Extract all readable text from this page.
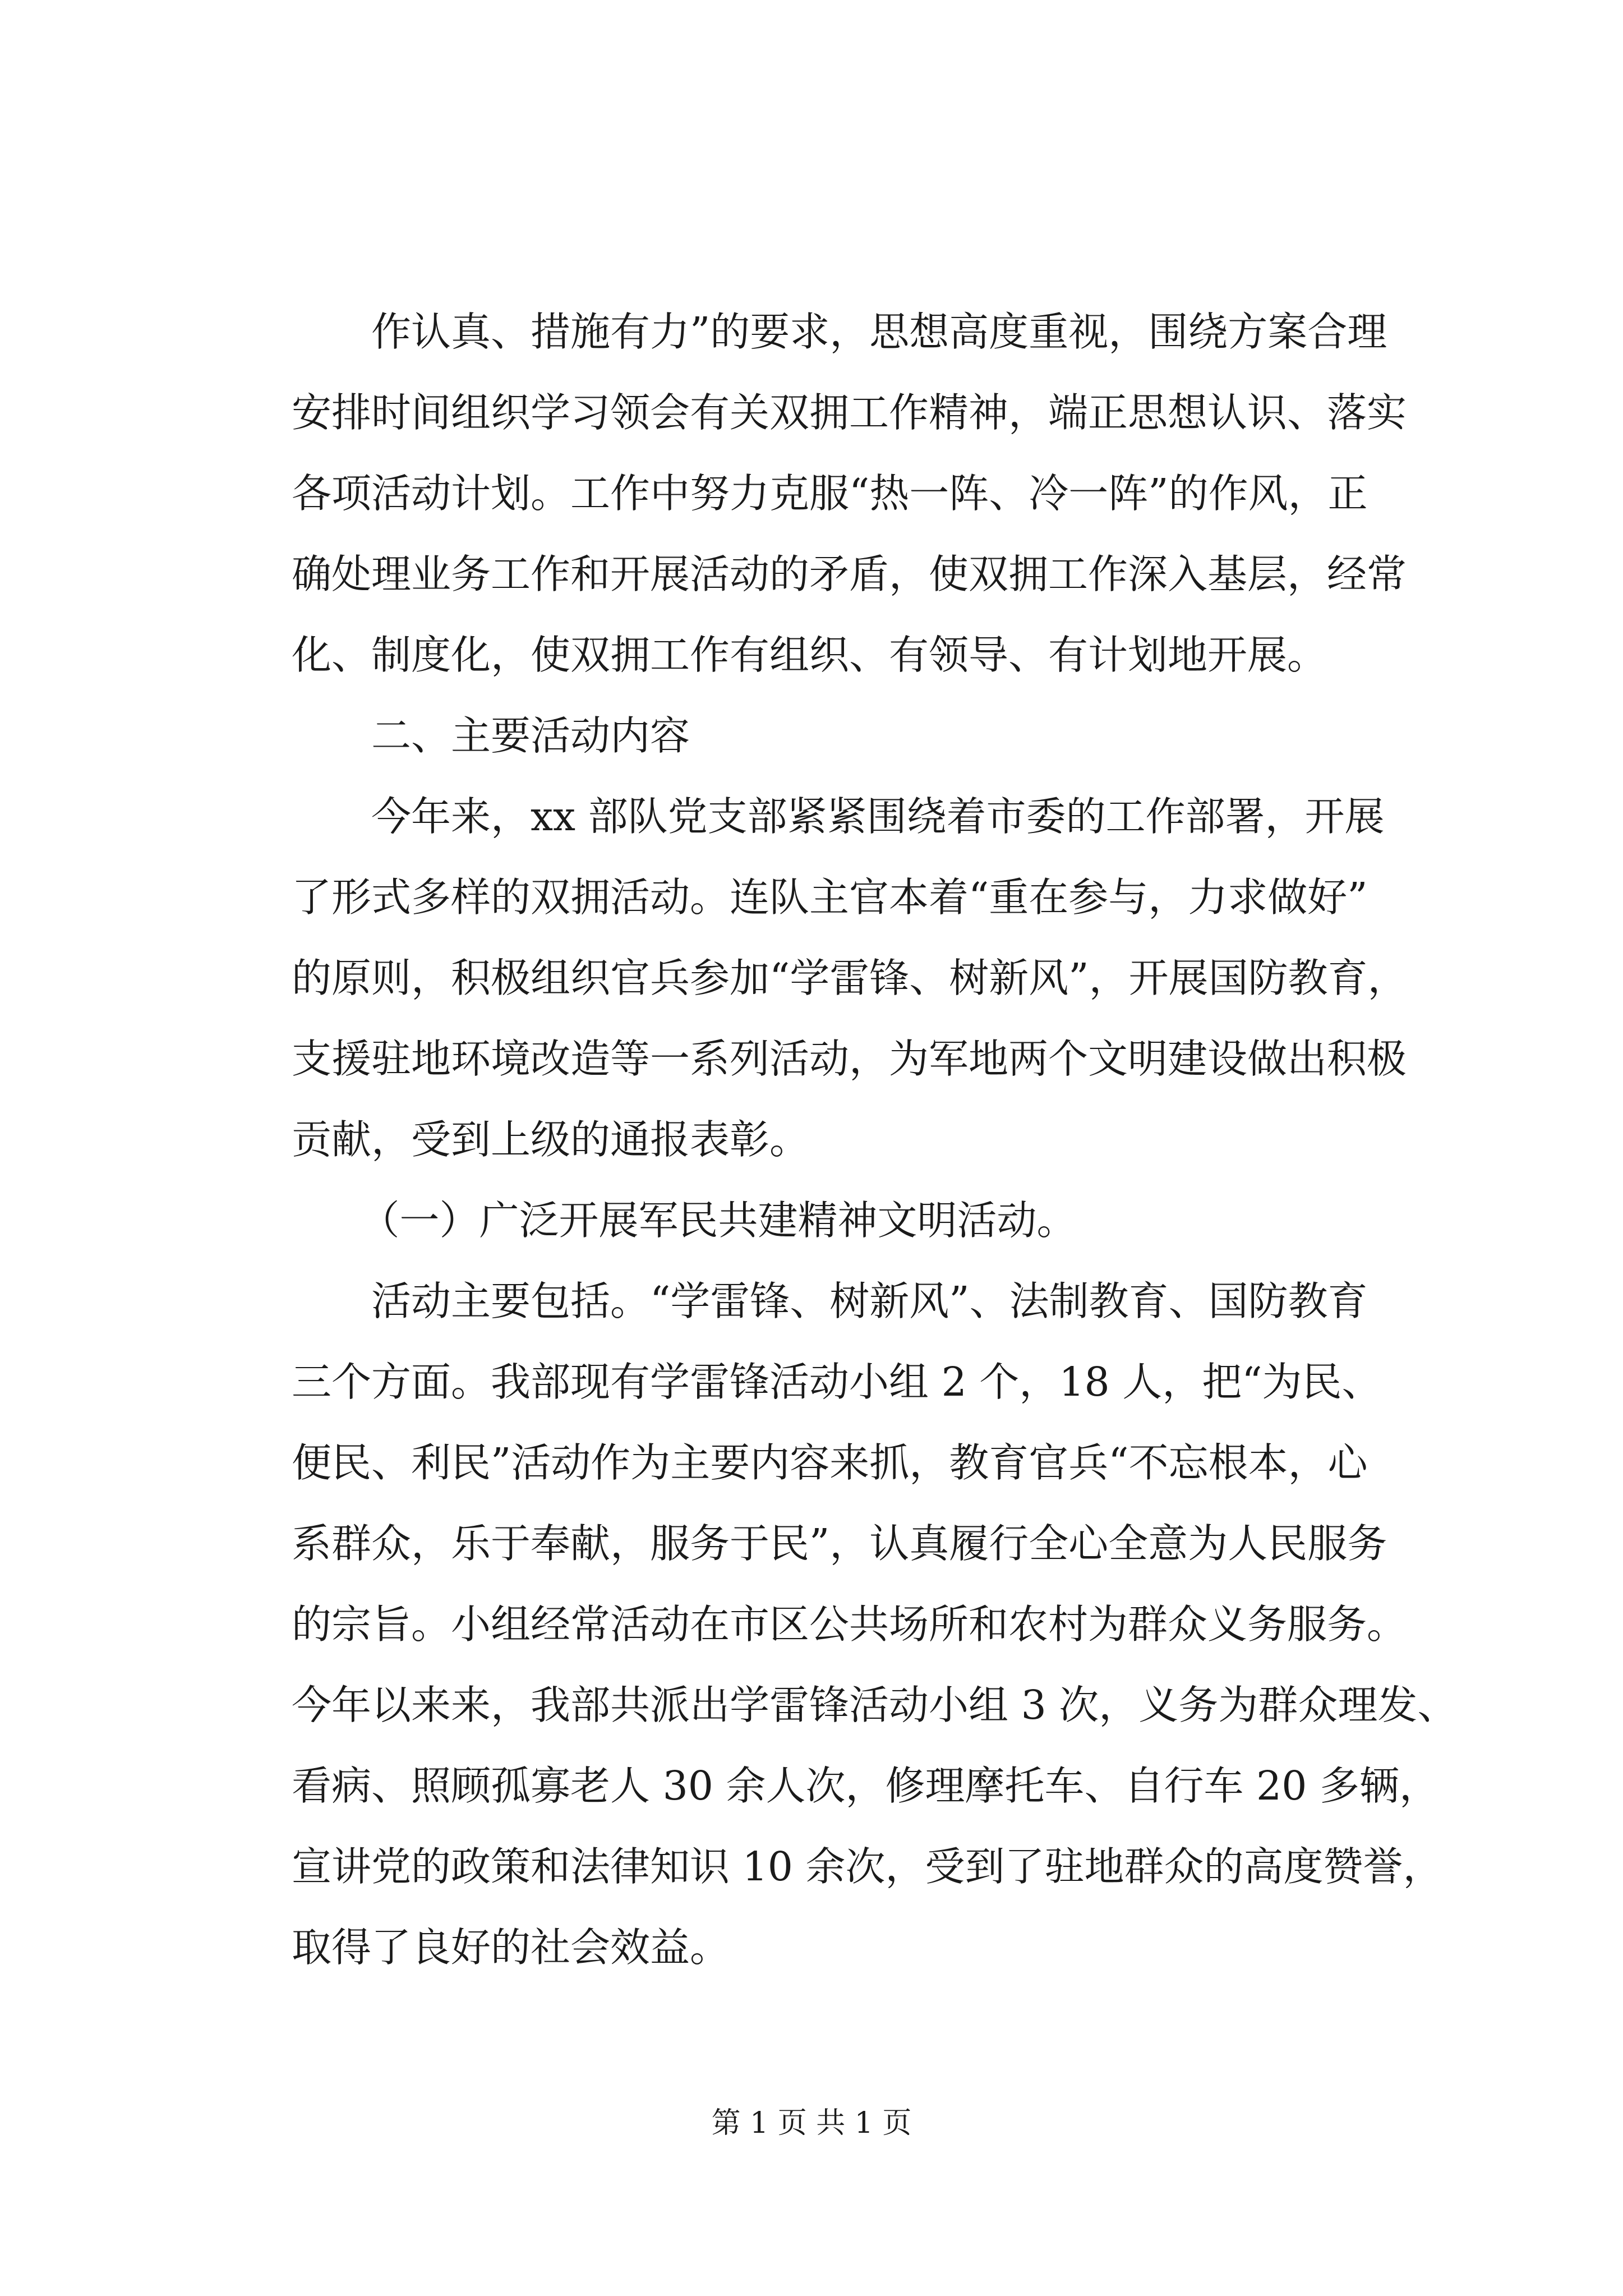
　　作认真、措施有力”的要求，思想高度重视，围绕方案合理
安排时间组织学习领会有关双拥工作精神，端正思想认识、落实
各项活动计划。工作中努力克服“热一阵、冷一阵”的作风，正
确处理业务工作和开展活动的矛盾，使双拥工作深入基层，经常
化、制度化，使双拥工作有组织、有领导、有计划地开展。
　　二、主要活动内容
　　今年来，xx 部队党支部紧紧围绕着市委的工作部署，开展
了形式多样的双拥活动。连队主官本着“重在参与，力求做好”
的原则，积极组织官兵参加“学雷锋、树新风”，开展国防教育，
支援驻地环境改造等一系列活动，为军地两个文明建设做出积极
贡献，受到上级的通报表彰。
　　（一）广泛开展军民共建精神文明活动。
　　活动主要包括。“学雷锋、树新风”、法制教育、国防教育
三个方面。我部现有学雷锋活动小组 2 个，18 人，把“为民、
便民、利民”活动作为主要内容来抓，教育官兵“不忘根本，心
系群众，乐于奉献，服务于民”，认真履行全心全意为人民服务
的宗旨。小组经常活动在市区公共场所和农村为群众义务服务。
今年以来来，我部共派出学雷锋活动小组 3 次，义务为群众理发、
看病、照顾孤寡老人 30 余人次，修理摩托车、自行车 20 多辆，
宣讲党的政策和法律知识 10 余次，受到了驻地群众的高度赞誉，
取得了良好的社会效益。
第 1 页 共 1 页
